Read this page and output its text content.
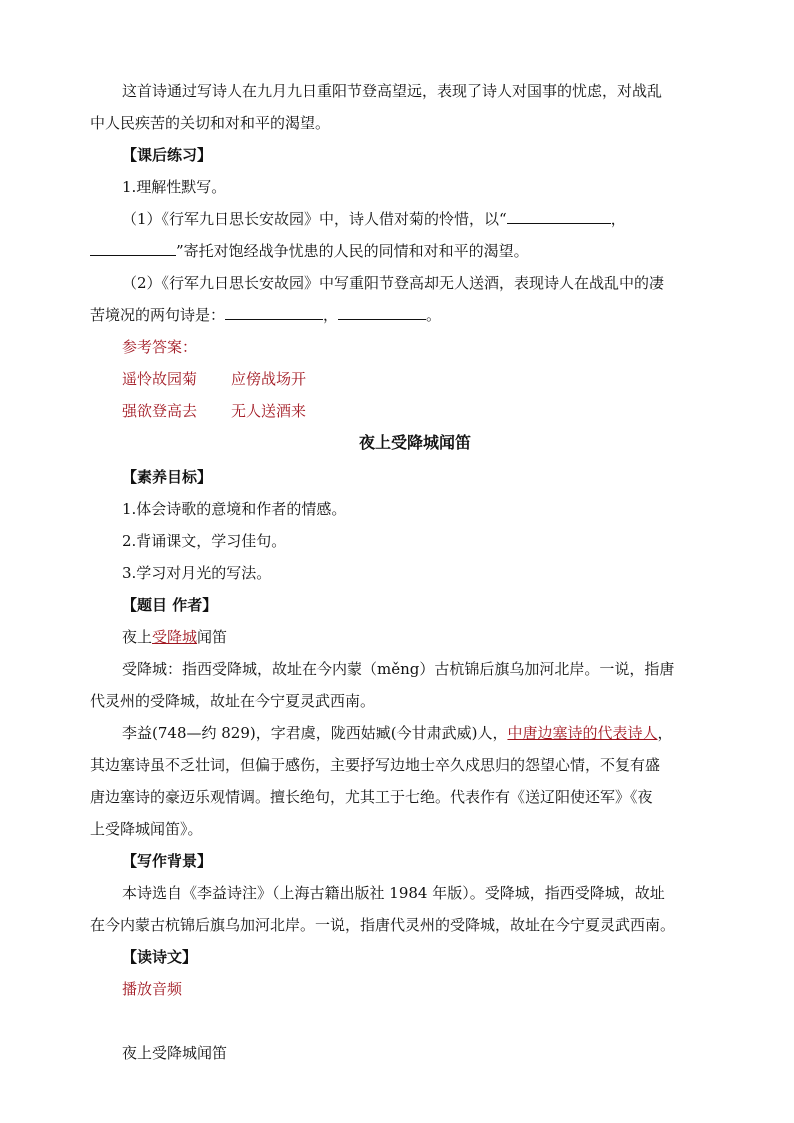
这首诗通过写诗人在九月九日重阳节登高望远，表现了诗人对国事的忧虑，对战乱
中人民疾苦的关切和对和平的渴望。
【课后练习】
1.理解性默写。
（1）《行军九日思长安故园》中，诗人借对菊的怜惜，以“	，
”寄托对饱经战争忧患的人民的同情和对和平的渴望。
（2）《行军九日思长安故园》中写重阳节登高却无人送酒，表现诗人在战乱中的凄
苦境况的两句诗是：	，	。
参考答案：
遥怜故园菊 应傍战场开
强欲登高去 无人送酒来
夜上受降城闻笛
【素养目标】
1.体会诗歌的意境和作者的情感。
2.背诵课文，学习佳句。
3.学习对月光的写法。
【题目 作者】
夜上受降城闻笛
受降城：指西受降城，故址在今内蒙（měng）古杭锦后旗乌加河北岸。一说，指唐
代灵州的受降城，故址在今宁夏灵武西南。
李益(748—约 829)，字君虞，陇西姑臧(今甘肃武威)人，中唐边塞诗的代表诗人，
其边塞诗虽不乏壮词，但偏于感伤，主要抒写边地士卒久戍思归的怨望心情，不复有盛
唐边塞诗的豪迈乐观情调。擅长绝句，尤其工于七绝。代表作有《送辽阳使还军》《夜
上受降城闻笛》。
【写作背景】
本诗选自《李益诗注》（上海古籍出版社 1984 年版）。受降城，指西受降城，故址
在今内蒙古杭锦后旗乌加河北岸。一说，指唐代灵州的受降城，故址在今宁夏灵武西南。
【读诗文】
播放音频
夜上受降城闻笛
